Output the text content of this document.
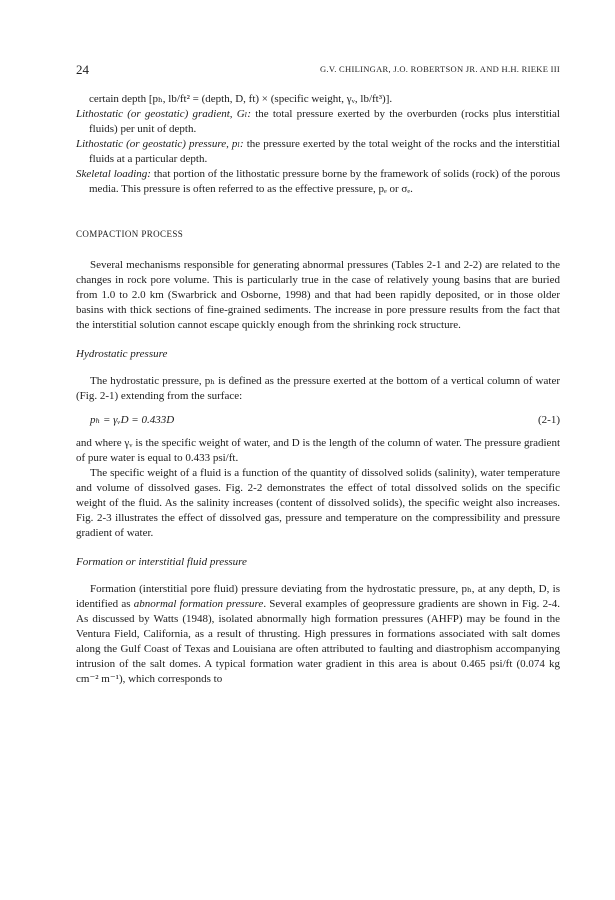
24	G.V. CHILINGAR, J.O. ROBERTSON JR. AND H.H. RIEKE III

certain depth [pₕ, lb/ft² = (depth, D, ft) × (specific weight, γᵥ, lb/ft³)].

Lithostatic (or geostatic) gradient, Gₗ: the total pressure exerted by the overburden (rocks plus interstitial fluids) per unit of depth.

Lithostatic (or geostatic) pressure, pₗ: the pressure exerted by the total weight of the rocks and the interstitial fluids at a particular depth.

Skeletal loading: that portion of the lithostatic pressure borne by the framework of solids (rock) of the porous media. This pressure is often referred to as the effective pressure, pₑ or σₑ.

COMPACTION PROCESS

Several mechanisms responsible for generating abnormal pressures (Tables 2-1 and 2-2) are related to the changes in rock pore volume. This is particularly true in the case of relatively young basins that are buried from 1.0 to 2.0 km (Swarbrick and Osborne, 1998) and that had been rapidly deposited, or in those older basins with thick sections of fine-grained sediments. The increase in pore pressure results from the fact that the interstitial solution cannot escape quickly enough from the shrinking rock structure.

Hydrostatic pressure

The hydrostatic pressure, pₕ is defined as the pressure exerted at the bottom of a vertical column of water (Fig. 2-1) extending from the surface:

pₕ = γᵥD = 0.433D	(2-1)

and where γᵥ is the specific weight of water, and D is the length of the column of water. The pressure gradient of pure water is equal to 0.433 psi/ft.

The specific weight of a fluid is a function of the quantity of dissolved solids (salinity), water temperature and volume of dissolved gases. Fig. 2-2 demonstrates the effect of total dissolved solids on the specific weight of the fluid. As the salinity increases (content of dissolved solids), the specific weight also increases. Fig. 2-3 illustrates the effect of dissolved gas, pressure and temperature on the compressibility and pressure gradient of water.

Formation or interstitial fluid pressure

Formation (interstitial pore fluid) pressure deviating from the hydrostatic pressure, pₕ, at any depth, D, is identified as abnormal formation pressure. Several examples of geopressure gradients are shown in Fig. 2-4. As discussed by Watts (1948), isolated abnormally high formation pressures (AHFP) may be found in the Ventura Field, California, as a result of thrusting. High pressures in formations associated with salt domes along the Gulf Coast of Texas and Louisiana are often attributed to faulting and diastrophism accompanying intrusion of the salt domes. A typical formation water gradient in this area is about 0.465 psi/ft (0.074 kg cm⁻² m⁻¹), which corresponds to
